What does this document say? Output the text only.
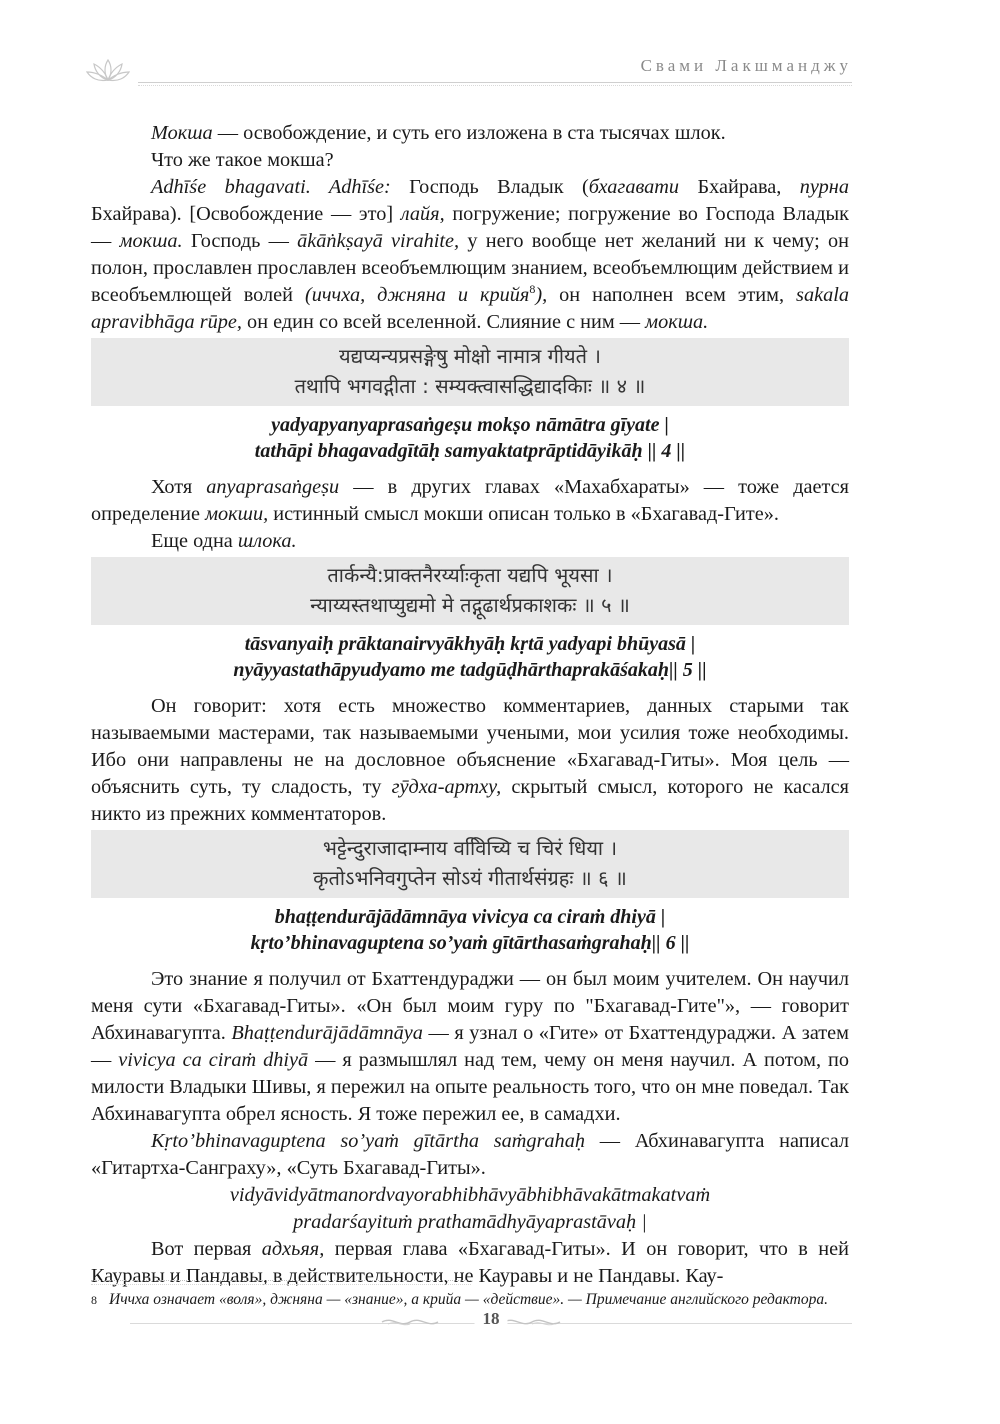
Свами Лакшманджу

Мокша — освобождение, и суть его изложена в ста тысячах шлок.

Что же такое мокша?

Adhīśe bhagavati. Adhīśe: Господь Владык (бхагавати Бхайрава, пурна Бхайрава). [Освобождение — это] лайя, погружение; погружение во Господа Владык — мокша. Господь — ākāṅkṣayā virahite, у него вообще нет желаний ни к чему; он полон, прославлен прославлен всеобъемлющим знанием, всеобъемлющим действием и всеобъемлющей волей (иччха, джняна и крийя$^8$), он наполнен всем этим, sakala apravibhāga rūpe, он един со всей вселенной. Слияние с ним — мокша.

यद्यप्यन्यप्रसङ्गेषु मोक्षो नामात्र गीयते ।
तथापि भगवद्गीता : सम्यक्त्वासद्धिद्यादकिाः ॥ ४ ॥
yadyapyanyaprasaṅgeṣu mokṣo nāmātra gīyate |
tathāpi bhagavadgītāḥ samyaktatprāptidāyikāḥ || 4 ||

Хотя anyaprasaṅgeṣu — в других главах «Махабхараты» — тоже дается определение мокши, истинный смысл мокши описан только в «Бхагавад-Гите».

Еще одна шлока.

तार्कन्यै:प्राक्तनैरर्य्याःकृता यद्यपि भूयसा ।
न्याय्यस्तथाप्युद्यमो मे तद्गूढार्थप्रकाशकः ॥ ५ ॥
tāsvanyaiḥ prāktanairvyākhyāḥ kṛtā yadyapi bhūyasā |
nyāyyastathāpyudyamo me tadgūḍhārthaprakāśakaḥ|| 5 ||

Он говорит: хотя есть множество комментариев, данных старыми так называемыми мастерами, так называемыми учеными, мои усилия тоже необходимы. Ибо они направлены не на дословное объяснение «Бхагавад-Гиты». Моя цель — объяснить суть, ту сладость, ту гӯдха-артху, скрытый смысл, которого не касался никто из прежних комментаторов.

भट्टेन्दुराजादाम्नाय ववििच्यि च चिरं धिया ।
कृतोऽभनिवगुप्तेन सोऽयं गीतार्थसंग्रहः ॥ ६ ॥
bhaṭṭendurājādāmnāya vivicya ca ciraṁ dhiyā |
kṛto’bhinavaguptena so’yaṁ gītārthasaṁgrahaḥ|| 6 ||

Это знание я получил от Бхаттендураджи — он был моим учителем. Он научил меня сути «Бхагавад-Гиты». «Он был моим гуру по "Бхагавад-Гите"», — говорит Абхинавагупта. Bhaṭṭendurājādāmnāya — я узнал о «Гите» от Бхаттендураджи. А затем — vivicya ca ciraṁ dhiyā — я размышлял над тем, чему он меня научил. А потом, по милости Владыки Шивы, я пережил на опыте реальность того, что он мне поведал. Так Абхинавагупта обрел ясность. Я тоже пережил ее, в самадхи.

Kṛto’bhinavaguptena so’yaṁ gītārtha saṁgrahaḥ — Абхинавагупта написал «Гитартха-Санграху», «Суть Бхагавад-Гиты».

vidyāvidyātmanordvayorabhibhāvyābhibhāvakātmakatvaṁ
pradarśayituṁ prathamādhyāyaprastāvaḥ |

Вот первая адхьяя, первая глава «Бхагавад-Гиты». И он говорит, что в ней Кауравы и Пандавы, в действительности, не Кауравы и не Пандавы. Кау-

$^8$ Иччха означает «воля», джняна — «знание», а крийа — «действие». — Примечание английского редактора.
18
